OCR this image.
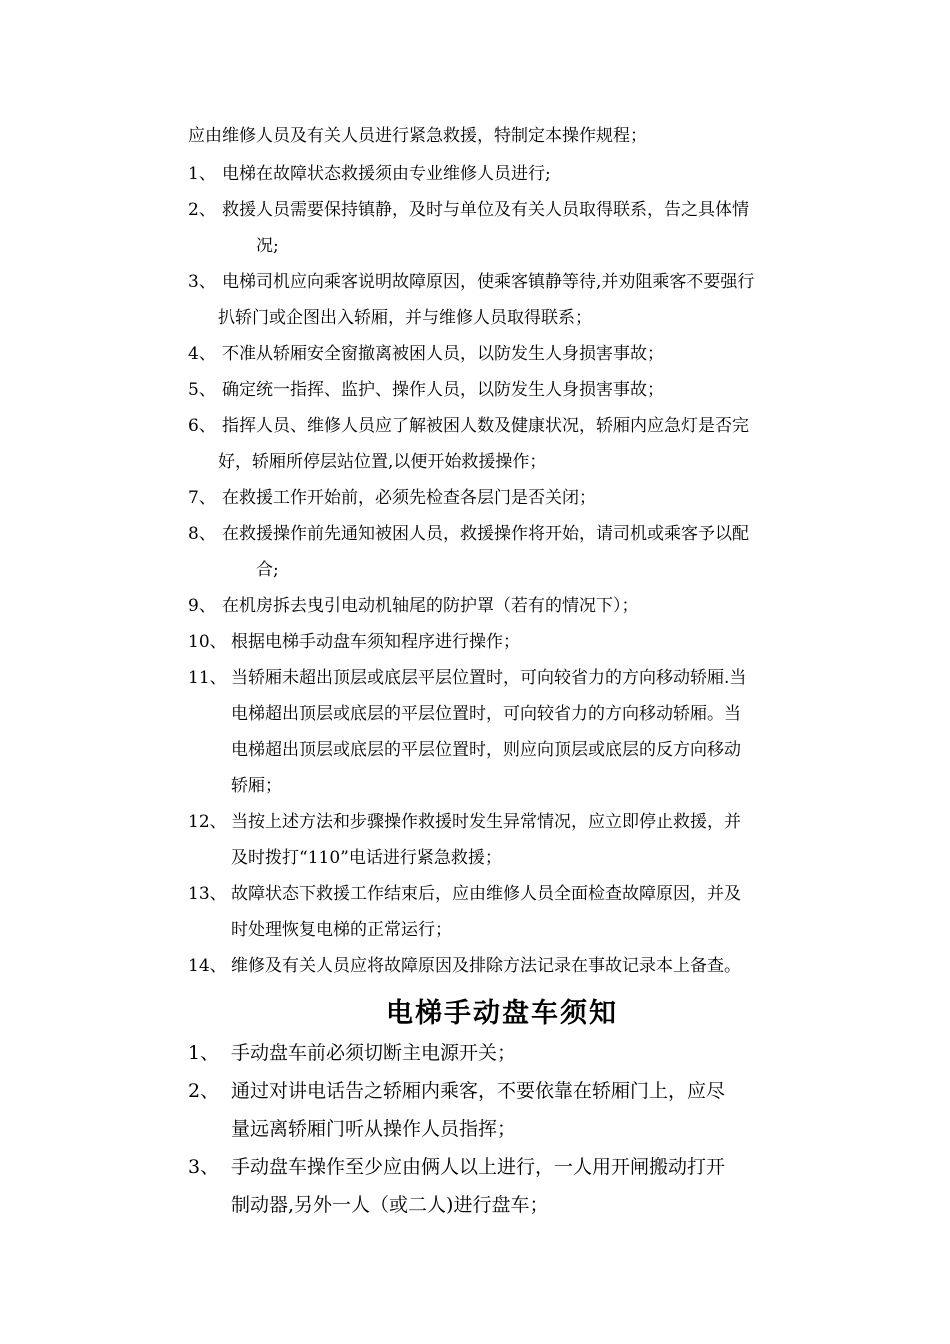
应由维修人员及有关人员进行紧急救援，特制定本操作规程；
1、 电梯在故障状态救援须由专业维修人员进行;
2、 救援人员需要保持镇静，及时与单位及有关人员取得联系，告之具体情
况;
3、 电梯司机应向乘客说明故障原因，使乘客镇静等待,并劝阻乘客不要强行
扒轿门或企图出入轿厢，并与维修人员取得联系；
4、 不准从轿厢安全窗撤离被困人员，以防发生人身损害事故；
5、 确定统一指挥、监护、操作人员，以防发生人身损害事故；
6、 指挥人员、维修人员应了解被困人数及健康状况，轿厢内应急灯是否完
好，轿厢所停层站位置,以便开始救援操作；
7、 在救援工作开始前，必须先检查各层门是否关闭；
8、 在救援操作前先通知被困人员，救援操作将开始，请司机或乘客予以配
合;
9、 在机房拆去曳引电动机轴尾的防护罩（若有的情况下）；
10、 根据电梯手动盘车须知程序进行操作；
11、 当轿厢未超出顶层或底层平层位置时，可向较省力的方向移动轿厢.当
电梯超出顶层或底层的平层位置时，可向较省力的方向移动轿厢。当
电梯超出顶层或底层的平层位置时，则应向顶层或底层的反方向移动
轿厢；
12、 当按上述方法和步骤操作救援时发生异常情况，应立即停止救援，并
及时拨打“110”电话进行紧急救援；
13、 故障状态下救援工作结束后，应由维修人员全面检查故障原因，并及
时处理恢复电梯的正常运行；
14、 维修及有关人员应将故障原因及排除方法记录在事故记录本上备查。
电梯手动盘车须知
1、 手动盘车前必须切断主电源开关；
2、 通过对讲电话告之轿厢内乘客，不要依靠在轿厢门上，应尽
量远离轿厢门听从操作人员指挥；
3、 手动盘车操作至少应由俩人以上进行，一人用开闸搬动打开
制动器,另外一人（或二人)进行盘车；
